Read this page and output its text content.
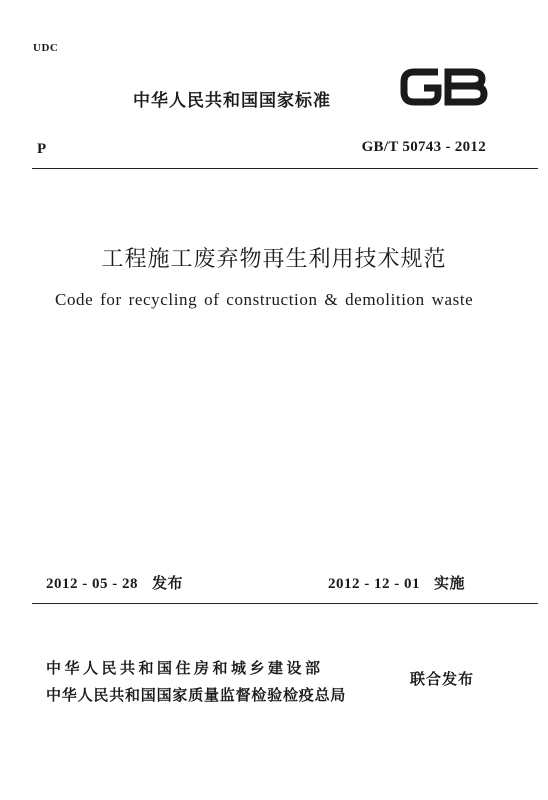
UDC
中华人民共和国国家标准
P	GB/T 50743 - 2012
工程施工废弃物再生利用技术规范
Code for recycling of construction & demolition waste
2012 - 05 - 28 发布	2012 - 12 - 01 实施
中华人民共和国住房和城乡建设部
中华人民共和国国家质量监督检验检疫总局
联合发布
